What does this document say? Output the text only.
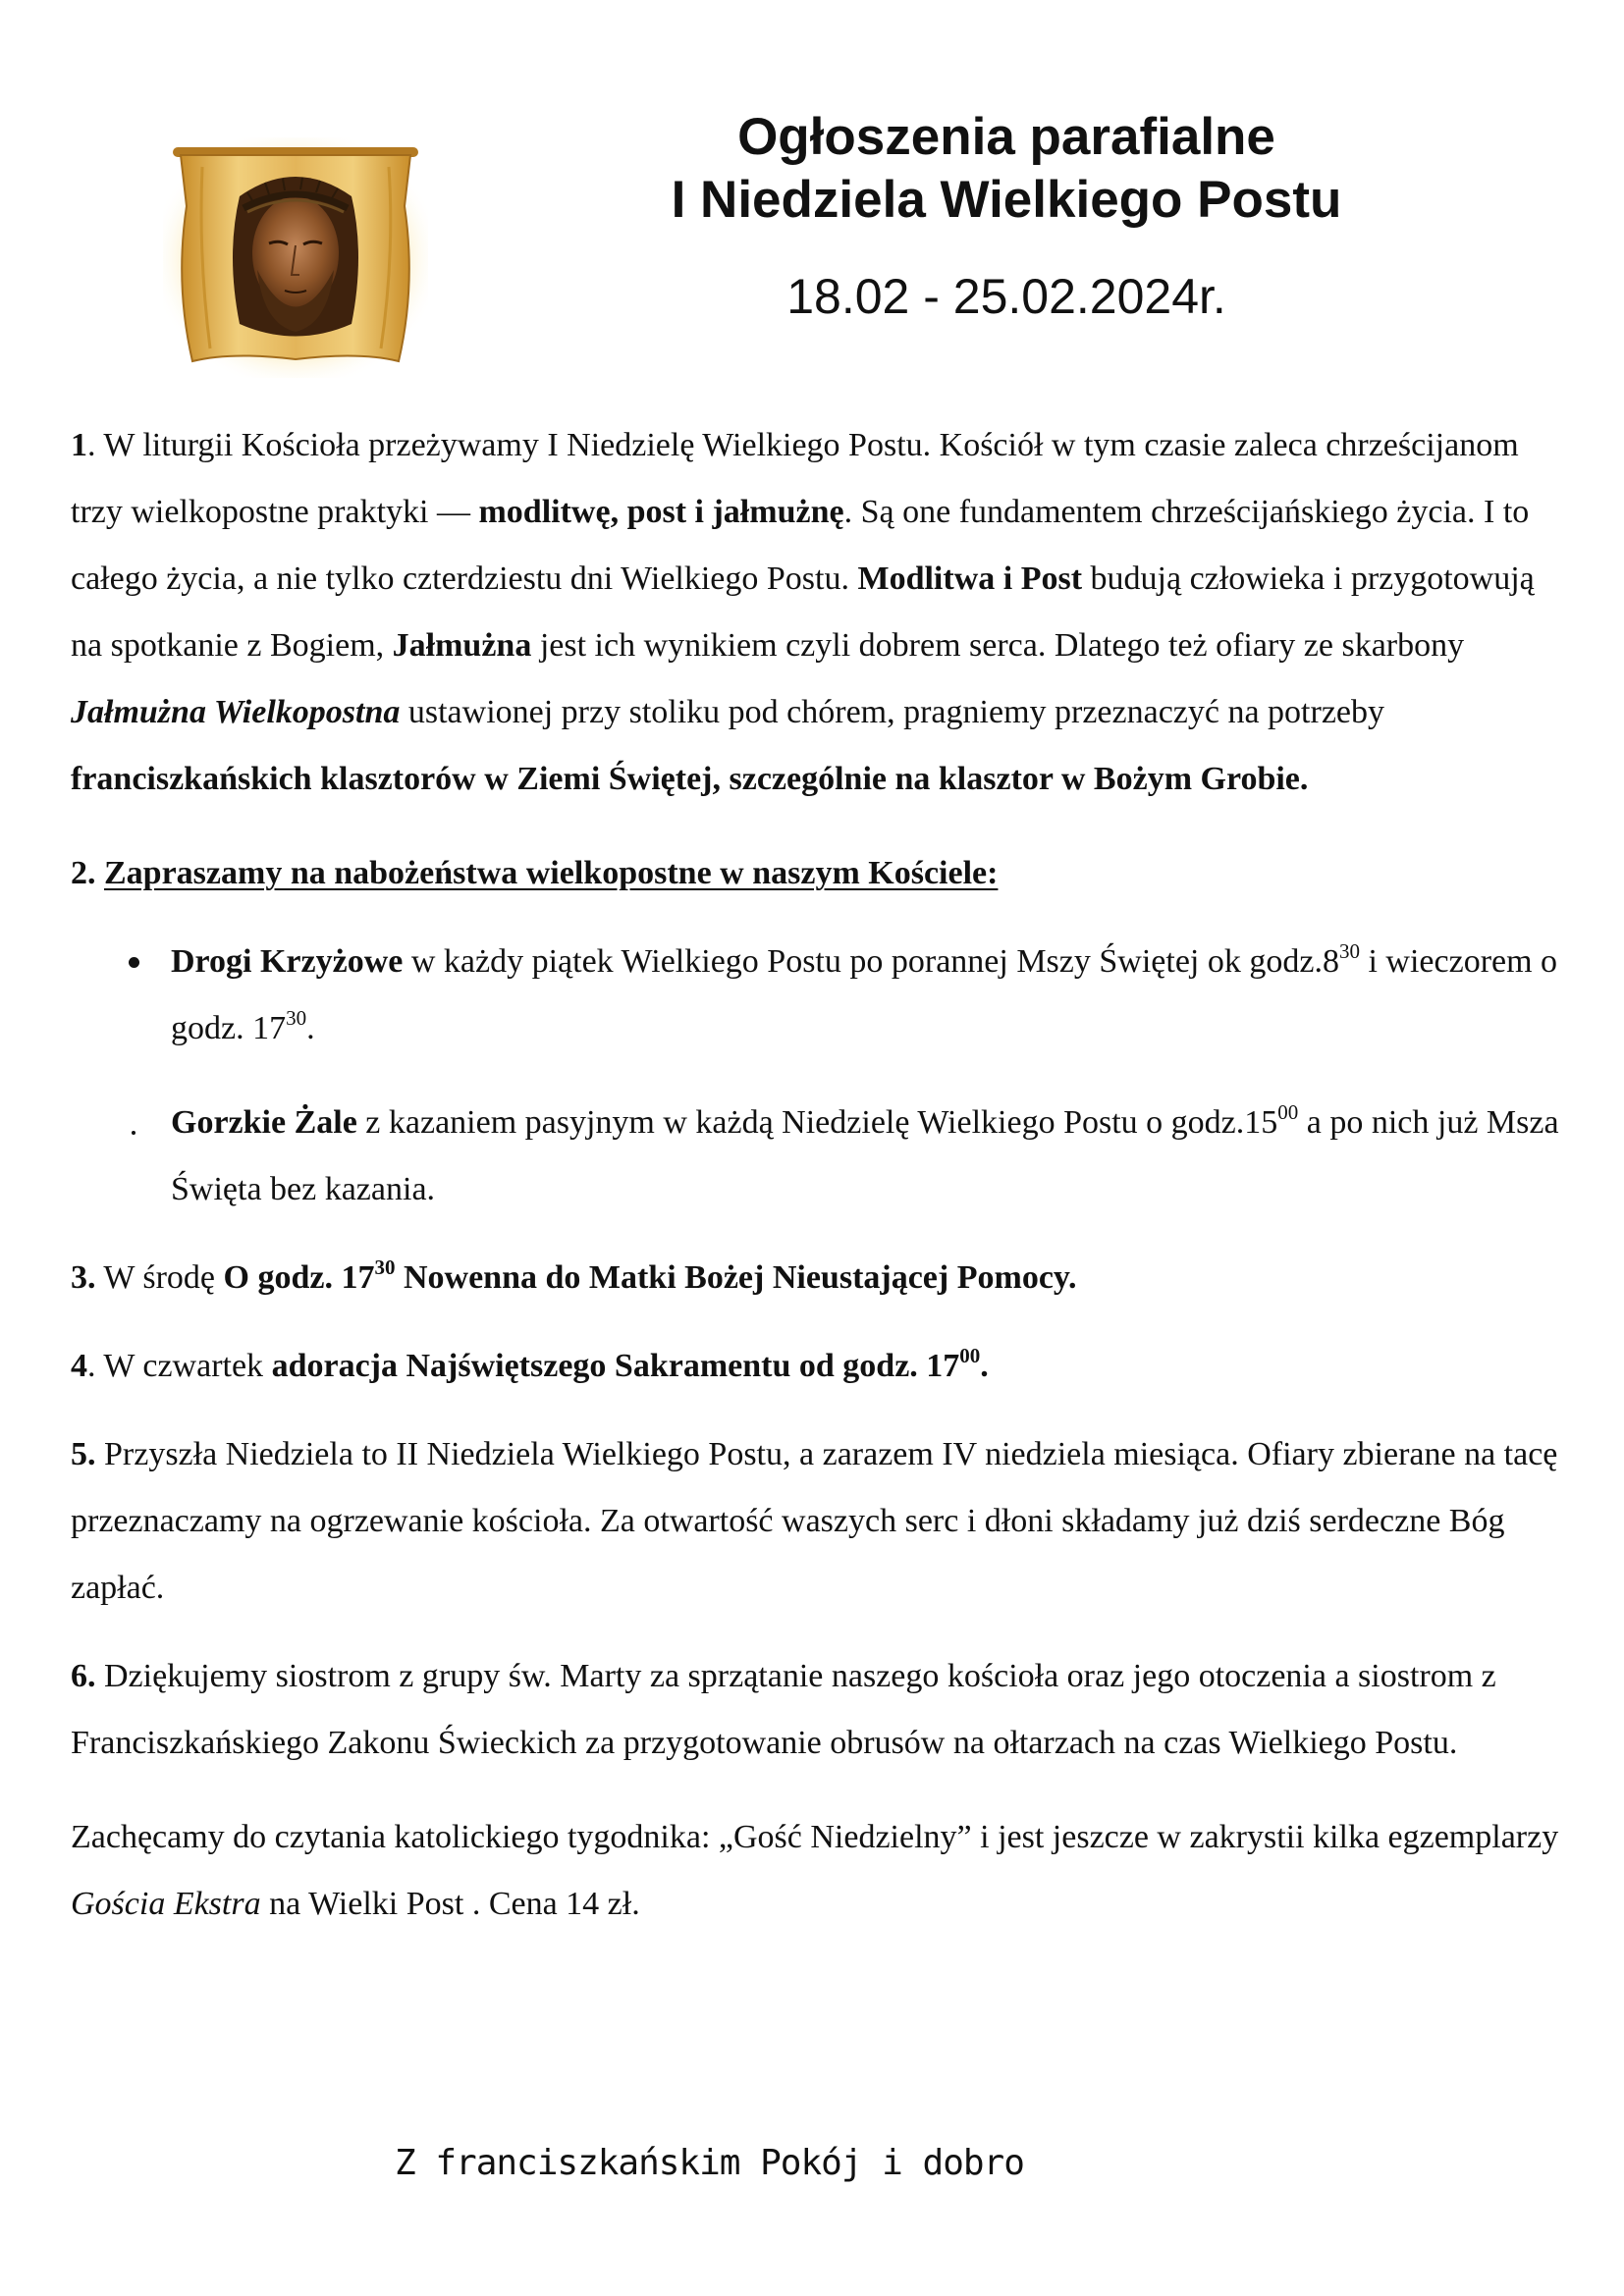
Ogłoszenia parafialne
I Niedziela Wielkiego Postu
18.02 - 25.02.2024r.

1. W liturgii Kościoła przeżywamy I Niedzielę Wielkiego Postu. Kościół w tym czasie zaleca chrześcijanom trzy wielkopostne praktyki — modlitwę, post i jałmużnę. Są one fundamentem chrześcijańskiego życia. I to całego życia, a nie tylko czterdziestu dni Wielkiego Postu. Modlitwa i Post budują człowieka i przygotowują na spotkanie z Bogiem, Jałmużna jest ich wynikiem czyli dobrem serca. Dlatego też ofiary ze skarbony Jałmużna Wielkopostna ustawionej przy stoliku pod chórem, pragniemy przeznaczyć na potrzeby franciszkańskich klasztorów w Ziemi Świętej, szczególnie na klasztor w Bożym Grobie.

2. Zapraszamy na nabożeństwa wielkopostne w naszym Kościele:

Drogi Krzyżowe w każdy piątek Wielkiego Postu po porannej Mszy Świętej ok $godz.8^{30}$ i wieczorem o godz. $17^{30}$.

Gorzkie Żale z kazaniem pasyjnym w każdą Niedzielę Wielkiego Postu o $godz.15^{00}$ a po nich już Msza Święta bez kazania.

3. W środę O godz. $17^{30}$ Nowenna do Matki Bożej Nieustającej Pomocy.

4. W czwartek adoracja Najświętszego Sakramentu od godz. $17^{00}$.

5. Przyszła Niedziela to II Niedziela Wielkiego Postu, a zarazem IV niedziela miesiąca. Ofiary zbierane na tacę przeznaczamy na ogrzewanie kościoła. Za otwartość waszych serc i dłoni składamy już dziś serdeczne Bóg zapłać.

6. Dziękujemy siostrom z grupy św. Marty za sprzątanie naszego kościoła oraz jego otoczenia a siostrom z Franciszkańskiego Zakonu Świeckich za przygotowanie obrusów na ołtarzach na czas Wielkiego Postu.

Zachęcamy do czytania katolickiego tygodnika: „Gość Niedzielny” i jest jeszcze w zakrystii kilka egzemplarzy Gościa Ekstra na Wielki Post . Cena 14 zł.

Z franciszkańskim Pokój i dobro
